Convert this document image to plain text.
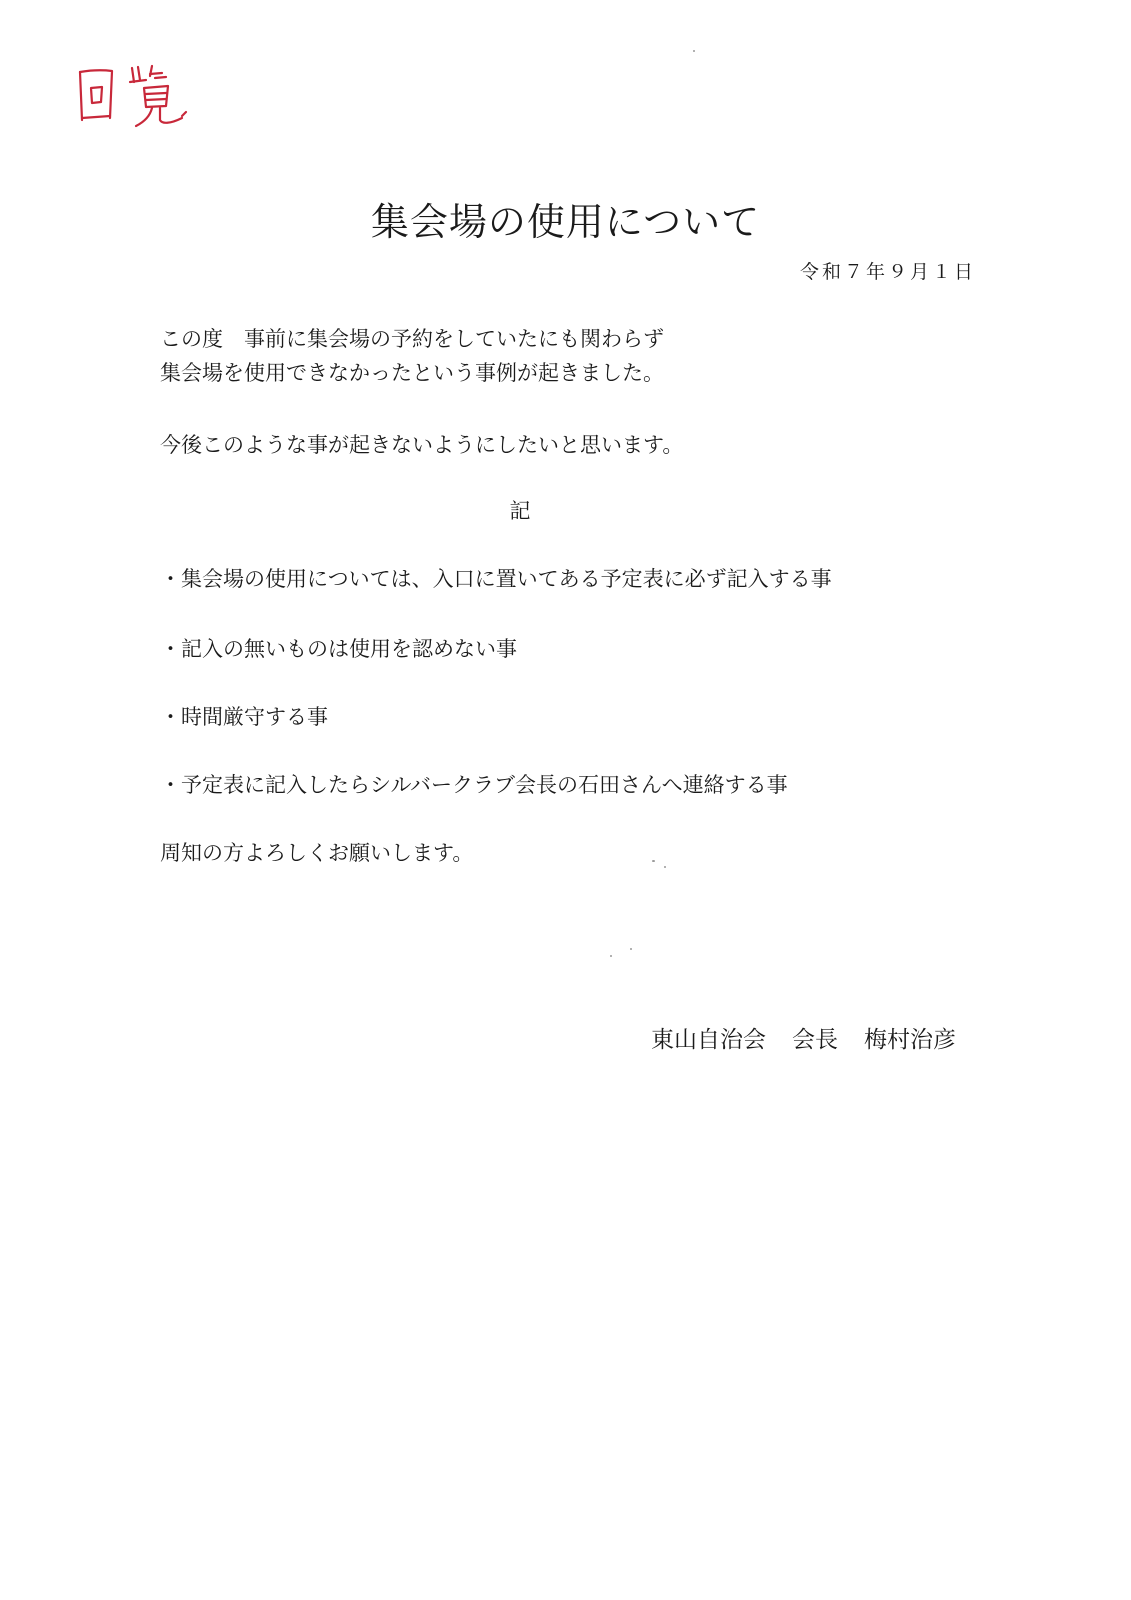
集会場の使用について
令和７年９月１日
この度　事前に集会場の予約をしていたにも関わらず
集会場を使用できなかったという事例が起きました。
今後このような事が起きないようにしたいと思います。
記
・集会場の使用については、入口に置いてある予定表に必ず記入する事
・記入の無いものは使用を認めない事
・時間厳守する事
・予定表に記入したらシルバークラブ会長の石田さんへ連絡する事
周知の方よろしくお願いします。
東山自治会 会長 梅村治彦
